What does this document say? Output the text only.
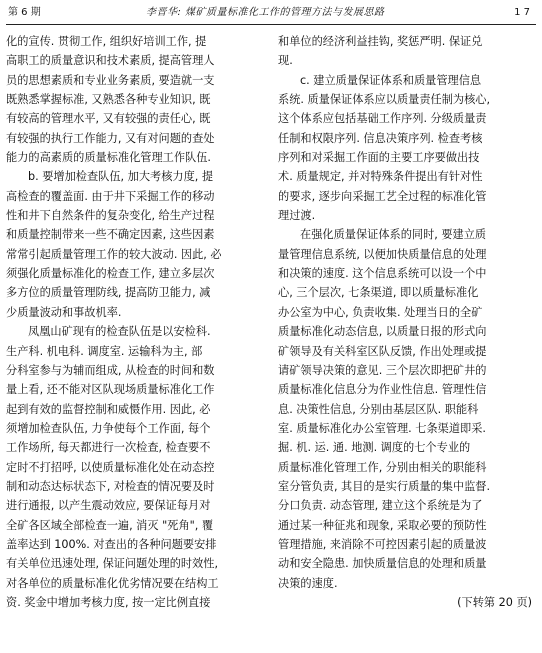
第 6 期	李晋华: 煤矿质量标准化工作的管理方法与发展思路	1 7
化的宣传. 贯彻工作, 组织好培训工作, 提
高职工的质量意识和技术素质, 提高管理人
员的思想素质和专业业务素质, 要造就一支
既熟悉掌握标准, 又熟悉各种专业知识, 既
有较高的管理水平, 又有较强的责任心, 既
有较强的执行工作能力, 又有对问题的查处
能力的高素质的质量标准化管理工作队伍.
b. 要增加检查队伍, 加大考核力度, 提
高检查的覆盖面. 由于井下采掘工作的移动
性和井下自然条件的复杂变化, 给生产过程
和质量控制带来一些不确定因素, 这些因素
常常引起质量管理工作的较大波动. 因此, 必
须强化质量标准化的检查工作, 建立多层次
多方位的质量管理防线, 提高防卫能力, 减
少质量波动和事故机率.
凤凰山矿现有的检查队伍是以安检科.
生产科. 机电科. 调度室. 运输科为主, 部
分科室参与为辅而组成, 从检查的时间和数
量上看, 还不能对区队现场质量标准化工作
起到有效的监督控制和威慑作用. 因此, 必
须增加检查队伍, 力争使每个工作面, 每个
工作场所, 每天都进行一次检查, 检查要不
定时不打招呼, 以使质量标准化处在动态控
制和动态达标状态下, 对检查的情况要及时
进行通报, 以产生震动效应, 要保证每月对
全矿各区域全部检查一遍, 消灭 "死角", 覆
盖率达到 100%. 对查出的各种问题要安排
有关单位迅速处理, 保证问题处理的时效性,
对各单位的质量标准化优劣情况要在结构工
资. 奖金中增加考核力度, 按一定比例直接
和单位的经济利益挂钩, 奖惩严明. 保证兑
现.
c. 建立质量保证体系和质量管理信息
系统. 质量保证体系应以质量责任制为核心,
这个体系应包括基础工作序列. 分级质量责
任制和权限序列. 信息决策序列. 检查考核
序列和对采掘工作面的主要工序要做出技
术. 质量规定, 并对特殊条件提出有针对性
的要求, 逐步向采掘工艺全过程的标准化管
理过渡.
在强化质量保证体系的同时, 要建立质
量管理信息系统, 以便加快质量信息的处理
和决策的速度. 这个信息系统可以设一个中
心, 三个层次, 七条渠道, 即以质量标准化
办公室为中心, 负责收集. 处理当日的全矿
质量标准化动态信息, 以质量日报的形式向
矿领导及有关科室区队反馈, 作出处理或提
请矿领导决策的意见. 三个层次即把矿井的
质量标准化信息分为作业性信息. 管理性信
息. 决策性信息, 分别由基层区队. 职能科
室. 质量标准化办公室管理. 七条渠道即采.
掘. 机. 运. 通. 地测. 调度的七个专业的
质量标准化管理工作, 分别由相关的职能科
室分管负责, 其目的是实行质量的集中监督.
分口负责. 动态管理, 建立这个系统是为了
通过某一种征兆和现象, 采取必要的预防性
管理措施, 来消除不可控因素引起的质量波
动和安全隐患. 加快质量信息的处理和质量
决策的速度.
(下转第 20 页)
